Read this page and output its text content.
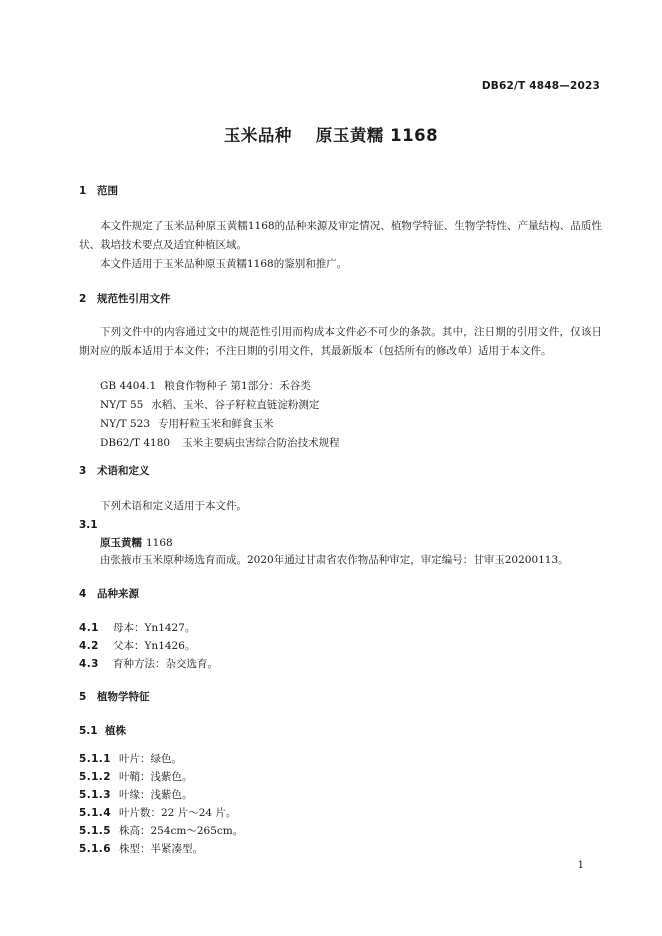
DB62/T 4848—2023
玉米品种 原玉黄糯 1168
1 范围
本文件规定了玉米品种原玉黄糯1168的品种来源及审定情况、植物学特征、生物学特性、产量结构、品质性状、栽培技术要点及适宜种植区域。
本文件适用于玉米品种原玉黄糯1168的鉴别和推广。
2 规范性引用文件
下列文件中的内容通过文中的规范性引用而构成本文件必不可少的条款。其中，注日期的引用文件，仅该日期对应的版本适用于本文件；不注日期的引用文件，其最新版本（包括所有的修改单）适用于本文件。
GB 4404.1 粮食作物种子 第1部分：禾谷类
NY/T 55 水稻、玉米、谷子籽粒直链淀粉测定
NY/T 523 专用籽粒玉米和鲜食玉米
DB62/T 4180 玉米主要病虫害综合防治技术规程
3 术语和定义
下列术语和定义适用于本文件。
3.1
原玉黄糯 1168
由张掖市玉米原种场选育而成。2020年通过甘肃省农作物品种审定，审定编号：甘审玉20200113。
4 品种来源
4.1 母本：Yn1427。
4.2 父本：Yn1426。
4.3 育种方法：杂交选育。
5 植物学特征
5.1 植株
5.1.1 叶片：绿色。
5.1.2 叶鞘：浅紫色。
5.1.3 叶缘：浅紫色。
5.1.4 叶片数：22 片～24 片。
5.1.5 株高：254cm～265cm。
5.1.6 株型：半紧凑型。
1
